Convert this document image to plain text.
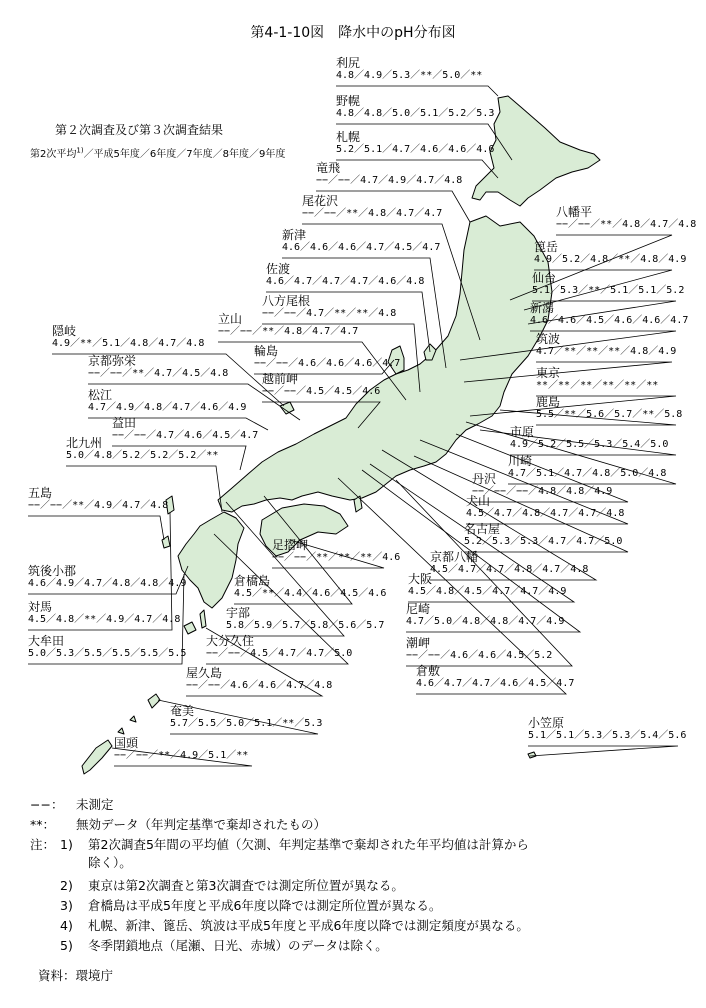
第4-1-10図　降水中のpH分布図
第２次調査及び第３次調査結果
第2次平均$^{1)}$／平成5年度／6年度／7年度／8年度／9年度
利尻
4.8／4.9／5.3／**／5.0／**
野幌
4.8／4.8／5.0／5.1／5.2／5.3
札幌
5.2／5.1／4.7／4.6／4.6／4.6
竜飛
−−／−−／4.7／4.9／4.7／4.8
尾花沢
−−／−−／**／4.8／4.7／4.7
新津
4.6／4.6／4.6／4.7／4.5／4.7
佐渡
4.6／4.7／4.7／4.7／4.6／4.8
八方尾根
−−／−−／4.7／**／**／4.8
立山
−−／−−／**／4.8／4.7／4.7
隠岐
4.9／**／5.1／4.8／4.7／4.8
輪島
−−／−−／4.6／4.6／4.6／4.7
京都弥栄
−−／−−／**／4.7／4.5／4.8	越前岬
−−／−−／4.5／4.5／4.6
松江
4.7／4.9／4.8／4.7／4.6／4.9
益田
−−／−−／4.7／4.6／4.5／4.7
北九州
5.0／4.8／5.2／5.2／5.2／**
五島
−−／−−／**／4.9／4.7／4.8
筑後小郡
4.6／4.9／4.7／4.8／4.8／4.9
対馬
4.5／4.8／**／4.9／4.7／4.8
大牟田
5.0／5.3／5.5／5.5／5.5／5.5
八幡平
−−／−−／**／4.8／4.7／4.8
箆岳
4.9／5.2／4.8／**／4.8／4.9
仙台
5.1／5.3／**／5.1／5.1／5.2
新潟
4.6／4.6／4.5／4.6／4.6／4.7
筑波
4.7／**／**／**／4.8／4.9
東京
**／**／**／**／**／**
鹿島
5.5／**／5.6／5.7／**／5.8
市原
4.9／5.2／5.5／5.3／5.4／5.0
川崎
4.7／5.1／4.7／4.8／5.0／4.8
丹沢
−−／−−／−−／4.8／4.8／4.9
犬山
4.5／4.7／4.8／4.7／4.7／4.8
名古屋
5.2／5.3／5.3／4.7／4.7／5.0
京都八幡
4.5／4.7／4.7／4.8／4.7／4.8
大阪
4.5／4.8／4.5／4.7／4.7／4.9
尼崎
4.7／5.0／4.8／4.8／4.7／4.9
潮岬
−−／−−／4.6／4.6／4.5／5.2
倉敷
4.6／4.7／4.7／4.6／4.5／4.7
足摺岬
−−／−−／**／**／**／4.6
倉橋島
4.5／**／4.4／4.6／4.5／4.6
宇部
5.8／5.9／5.7／5.8／5.6／5.7
大分久住
−−／−−／4.5／4.7／4.7／5.0
屋久島
−−／−−／4.6／4.6／4.7／4.8
奄美
5.7／5.5／5.0／5.1／**／5.3
国頭
−−／−−／**／4.9／5.1／**
小笠原
5.1／5.1／5.3／5.3／5.4／5.6
−−： 未測定
**： 無効データ（年判定基準で棄却されたもの）
注： 1) 第2次調査5年間の平均値（欠測、年判定基準で棄却された年平均値は計算から
除く）。
2) 東京は第2次調査と第3次調査では測定所位置が異なる。
3) 倉橋島は平成5年度と平成6年度以降では測定所位置が異なる。
4) 札幌、新津、篦岳、筑波は平成5年度と平成6年度以降では測定頻度が異なる。
5) 冬季閉鎖地点（尾瀬、日光、赤城）のデータは除く。
資料：環境庁
